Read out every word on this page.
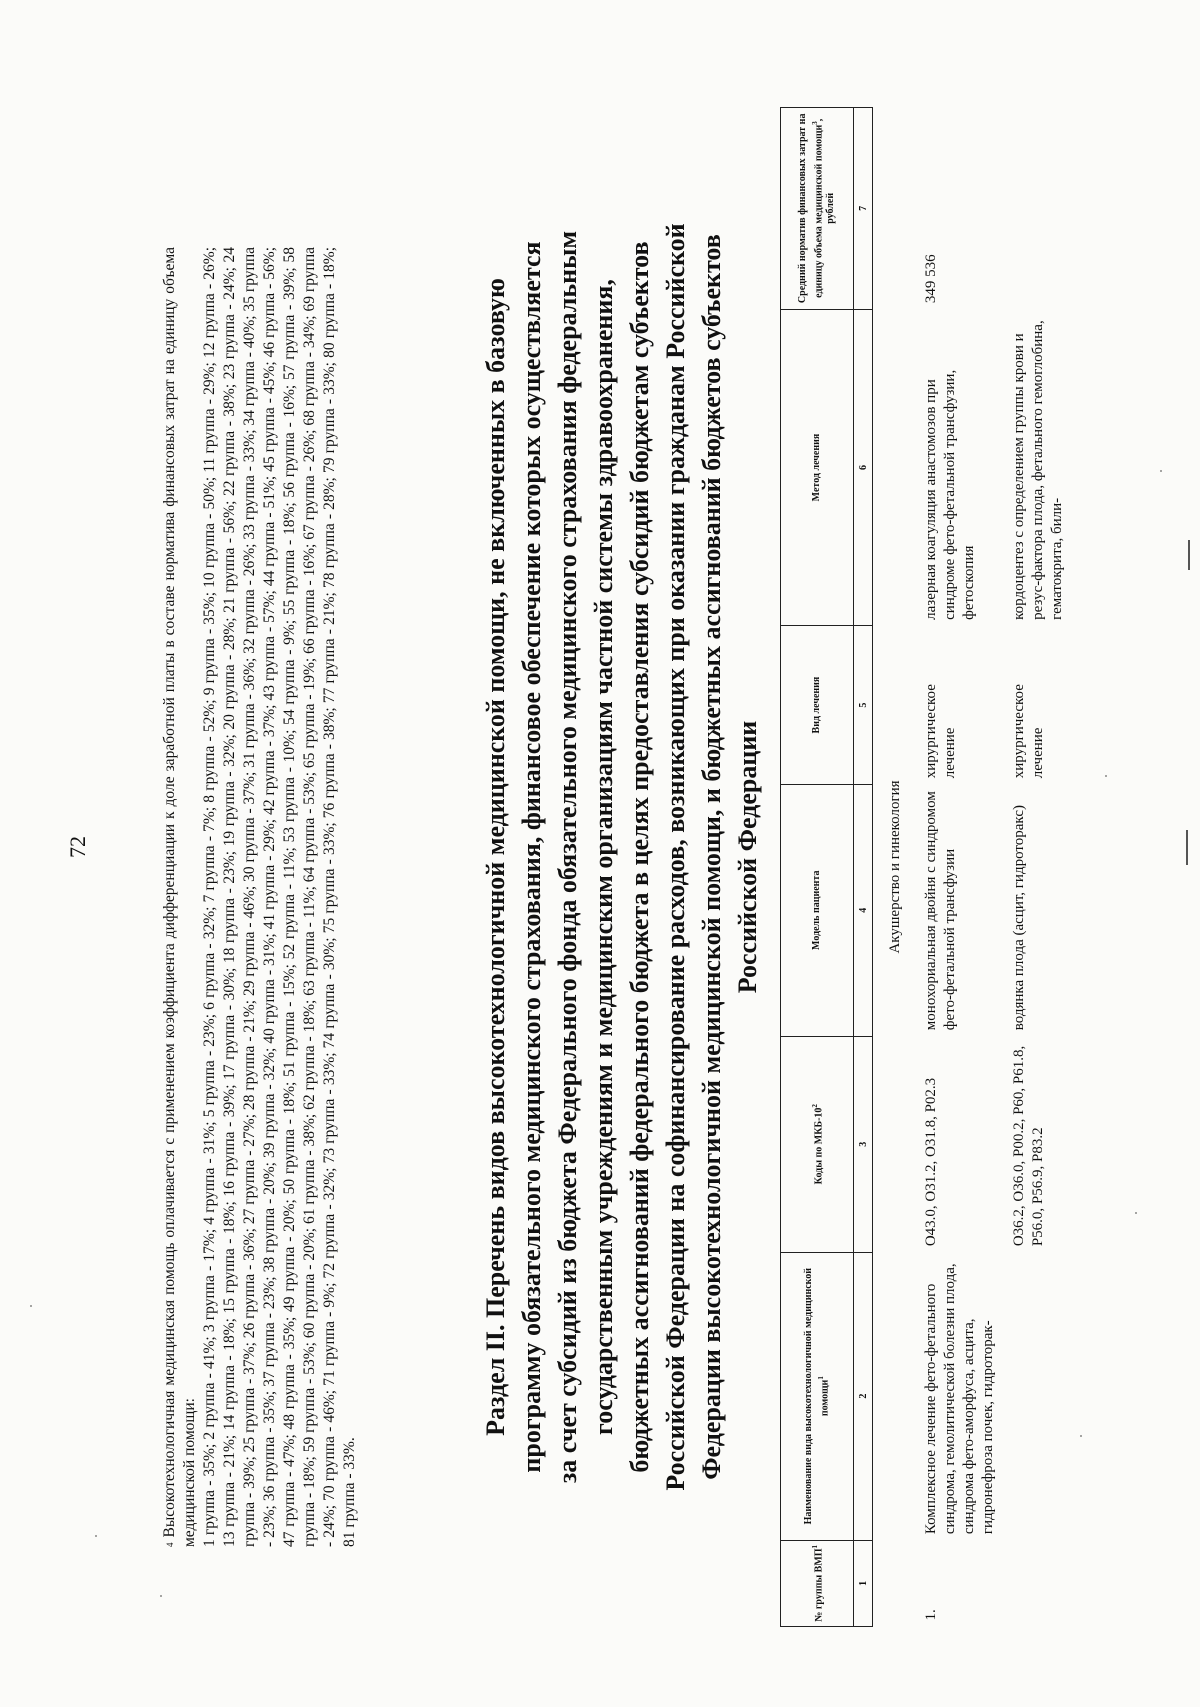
72
$^4$ Высокотехнологичная медицинская помощь оплачивается с применением коэффициента дифференциации к доле заработной платы в составе норматива финансовых затрат на единицу объема медицинской помощи: 1 группа - 35%; 2 группа - 41%; 3 группа - 17%; 4 группа - 31%; 5 группа - 23%; 6 группа - 32%; 7 группа - 7%; 8 группа - 52%; 9 группа - 35%; 10 группа - 50%; 11 группа - 29%; 12 группа - 26%; 13 группа - 21%; 14 группа - 18%; 15 группа - 18%; 16 группа - 39%; 17 группа - 30%; 18 группа - 23%; 19 группа - 32%; 20 группа - 28%; 21 группа - 56%; 22 группа - 38%; 23 группа - 24%; 24 группа - 39%; 25 группа - 37%; 26 группа - 36%; 27 группа - 27%; 28 группа - 21%; 29 группа - 46%; 30 группа - 37%; 31 группа - 36%; 32 группа - 26%; 33 группа - 33%; 34 группа - 40%; 35 группа - 23%; 36 группа - 35%; 37 группа - 23%; 38 группа - 20%; 39 группа - 32%; 40 группа - 31%; 41 группа - 29%; 42 группа - 37%; 43 группа - 57%; 44 группа - 51%; 45 группа - 45%; 46 группа - 56%; 47 группа - 47%; 48 группа - 35%; 49 группа - 20%; 50 группа - 18%; 51 группа - 15%; 52 группа - 11%; 53 группа - 10%; 54 группа - 9%; 55 группа - 18%; 56 группа - 16%; 57 группа - 39%; 58 группа - 18%; 59 группа - 53%; 60 группа - 20%; 61 группа - 38%; 62 группа - 18%; 63 группа - 11%; 64 группа - 53%; 65 группа - 19%; 66 группа - 16%; 67 группа - 26%; 68 группа - 34%; 69 группа - 24%; 70 группа - 46%; 71 группа - 9%; 72 группа - 32%; 73 группа - 33%; 74 группа - 30%; 75 группа - 33%; 76 группа - 38%; 77 группа - 21%; 78 группа - 28%; 79 группа - 33%; 80 группа - 18%; 81 группа - 33%.
Раздел II. Перечень видов высокотехнологичной медицинской помощи, не включенных в базовую программу обязательного медицинского страхования, финансовое обеспечение которых осуществляется за счет субсидий из бюджета Федерального фонда обязательного медицинского страхования федеральным государственным учреждениям и медицинским организациям частной системы здравоохранения, бюджетных ассигнований федерального бюджета в целях предоставления субсидий бюджетам субъектов Российской Федерации на софинансирование расходов, возникающих при оказании гражданам Российской Федерации высокотехнологичной медицинской помощи, и бюджетных ассигнований бюджетов субъектов Российской Федерации
№ группы ВМП$^1$	Наименование вида высокотехнологичной медицинской помощи$^1$	Коды по МКБ-$10^2$	Модель пациента	Вид лечения	Метод лечения	Средний норматив финансовых затрат на единицу объема медицинской помощи$^3$, рублей
1	2	3	4	5	6	7
Акушерство и гинекология						
1.	Комплексное лечение фето-фетального синдрома, гемолитической болезни плода, синдрома фето-аморфуса, асцита, гидронефроза почек, гидроторак-	O43.0, O31.2, O31.8, P02.3	монохориальная двойня с синдромом фето-фетальной трансфузии	хирургическое лечение	лазерная коагуляция анастомозов при синдроме фето-фетальной трансфузии, фетоскопия	349 536
		O36.2, O36.0, P00.2, P60, P61.8, P56.0, P56.9, P83.2	водянка плода (асцит, гидроторакс)	хирургическое лечение	кордоцентез с определением группы крови и резус-фактора плода, фетального гемоглобина, гематокрита, били-	
